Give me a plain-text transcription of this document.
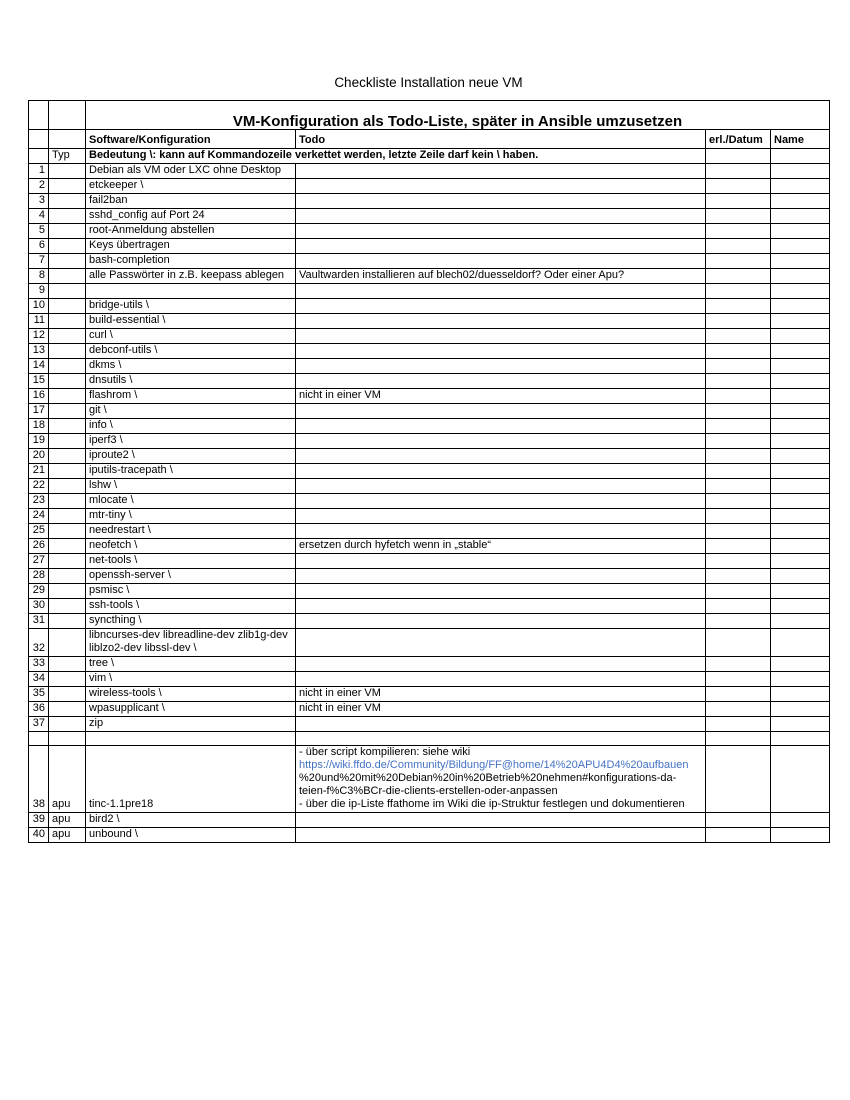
Checkliste Installation neue VM
		VM-Konfiguration als Todo-Liste, später in Ansible umzusetzen			
		Software/Konfiguration	Todo	erl./Datum	Name
	Typ	Bedeutung \: kann auf Kommandozeile verkettet werden, letzte Zeile darf kein \ haben.			
1		Debian als VM oder LXC ohne Desktop			
2		etckeeper \			
3		fail2ban			
4		sshd_config auf Port 24			
5		root-Anmeldung abstellen			
6		Keys übertragen			
7		bash-completion			
8		alle Passwörter in z.B. keepass ablegen	Vaultwarden installieren auf blech02/duesseldorf? Oder einer Apu?		
9					
10		bridge-utils \			
11		build-essential \			
12		curl \			
13		debconf-utils \			
14		dkms \			
15		dnsutils \			
16		flashrom \	nicht in einer VM		
17		git \			
18		info \			
19		iperf3 \			
20		iproute2 \			
21		iputils-tracepath \			
22		lshw \			
23		mlocate \			
24		mtr-tiny \			
25		needrestart \			
26		neofetch \	ersetzen durch hyfetch wenn in „stable“		
27		net-tools \			
28		openssh-server \			
29		psmisc \			
30		ssh-tools \			
31		syncthing \			
32		libncurses-dev libreadline-dev zlib1g-dev
liblzo2-dev libssl-dev \			

33		tree \			
34		vim \			
35		wireless-tools \	nicht in einer VM		
36		wpasupplicant \	nicht in einer VM		
37		zip			

38	apu	tinc-1.1pre18	- über script kompilieren: siehe wiki
https://wiki.ffdo.de/Community/Bildung/FF@home/14%20APU4D4%20aufbauen
%20und%20mit%20Debian%20in%20Betrieb%20nehmen#konfigurations-da-
teien-f%C3%BCr-die-clients-erstellen-oder-anpassen
- über die ip-Liste ffathome im Wiki die ip-Struktur festlegen und dokumentieren		

39	apu	bird2 \			
40	apu	unbound \			
